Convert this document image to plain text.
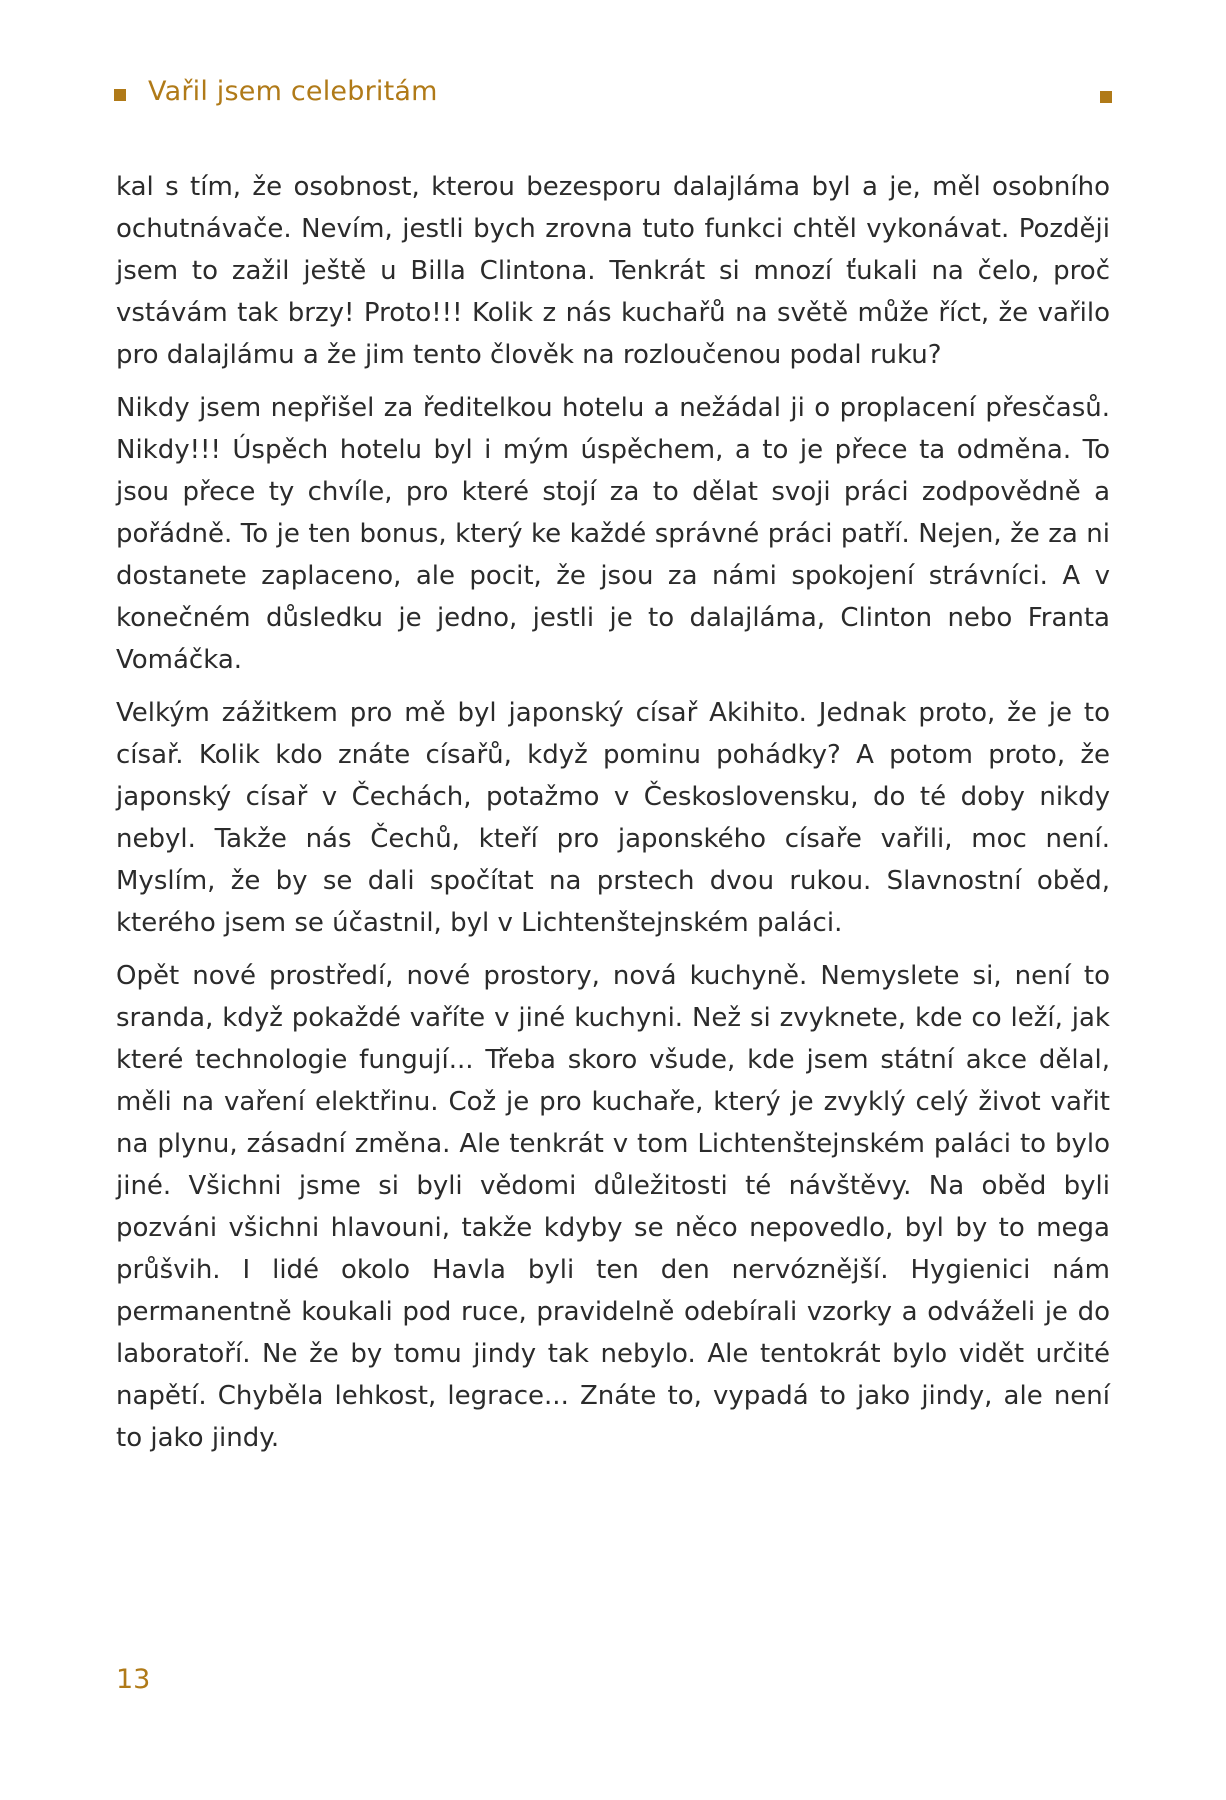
Vařil jsem celebritám

kal s tím, že osobnost, kterou bezesporu dalajláma byl a je, měl osobního ochutnávače. Nevím, jestli bych zrovna tuto funkci chtěl vykonávat. Později jsem to zažil ještě u Billa Clintona. Tenkrát si mnozí ťukali na čelo, proč vstávám tak brzy! Proto!!! Kolik z nás kuchařů na světě může říct, že vařilo pro dalajlámu a že jim tento člověk na rozloučenou podal ruku?

Nikdy jsem nepřišel za ředitelkou hotelu a nežádal ji o proplacení přesčasů. Nikdy!!! Úspěch hotelu byl i mým úspěchem, a to je přece ta odměna. To jsou přece ty chvíle, pro které stojí za to dělat svoji práci zodpovědně a pořádně. To je ten bonus, který ke každé správné práci patří. Nejen, že za ni dostanete zaplaceno, ale pocit, že jsou za námi spokojení strávníci. A v konečném důsledku je jedno, jestli je to dalajláma, Clinton nebo Franta Vomáčka.

Velkým zážitkem pro mě byl japonský císař Akihito. Jednak proto, že je to císař. Kolik kdo znáte císařů, když pominu pohádky? A potom proto, že japonský císař v Čechách, potažmo v Československu, do té doby nikdy nebyl. Takže nás Čechů, kteří pro japonského císaře vařili, moc není. Myslím, že by se dali spočítat na prstech dvou rukou. Slavnostní oběd, kterého jsem se účastnil, byl v Lichtenštejnském paláci.

Opět nové prostředí, nové prostory, nová kuchyně. Nemyslete si, není to sranda, když pokaždé vaříte v jiné kuchyni. Než si zvyknete, kde co leží, jak které technologie fungují... Třeba skoro všude, kde jsem státní akce dělal, měli na vaření elektřinu. Což je pro kuchaře, který je zvyklý celý život vařit na plynu, zásadní změna. Ale tenkrát v tom Lichtenštejnském paláci to bylo jiné. Všichni jsme si byli vědomi důležitosti té návštěvy. Na oběd byli pozváni všichni hlavouni, takže kdyby se něco nepovedlo, byl by to mega průšvih. I lidé okolo Havla byli ten den nervóznější. Hygienici nám permanentně koukali pod ruce, pravidelně odebírali vzorky a odváželi je do laboratoří. Ne že by tomu jindy tak nebylo. Ale tentokrát bylo vidět určité napětí. Chyběla lehkost, legrace... Znáte to, vypadá to jako jindy, ale není to jako jindy.

13
